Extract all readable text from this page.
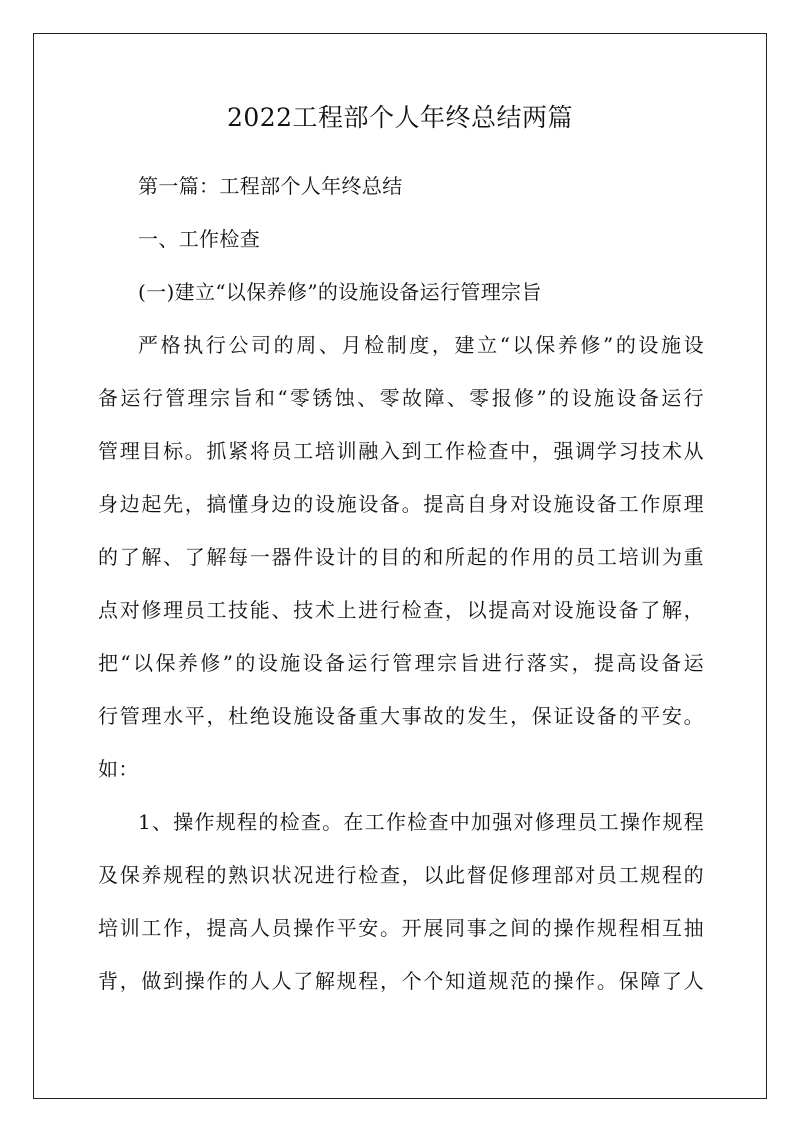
2022工程部个人年终总结两篇
第一篇：工程部个人年终总结
一、工作检查
(一)建立“以保养修”的设施设备运行管理宗旨
严格执行公司的周、月检制度，建立“以保养修”的设施设
备运行管理宗旨和“零锈蚀、零故障、零报修”的设施设备运行
管理目标。抓紧将员工培训融入到工作检查中，强调学习技术从
身边起先，搞懂身边的设施设备。提高自身对设施设备工作原理
的了解、了解每一器件设计的目的和所起的作用的员工培训为重
点对修理员工技能、技术上进行检查，以提高对设施设备了解，
把“以保养修”的设施设备运行管理宗旨进行落实，提高设备运
行管理水平，杜绝设施设备重大事故的发生，保证设备的平安。
如：
1、操作规程的检查。在工作检查中加强对修理员工操作规程
及保养规程的熟识状况进行检查，以此督促修理部对员工规程的
培训工作，提高人员操作平安。开展同事之间的操作规程相互抽
背，做到操作的人人了解规程，个个知道规范的操作。保障了人
